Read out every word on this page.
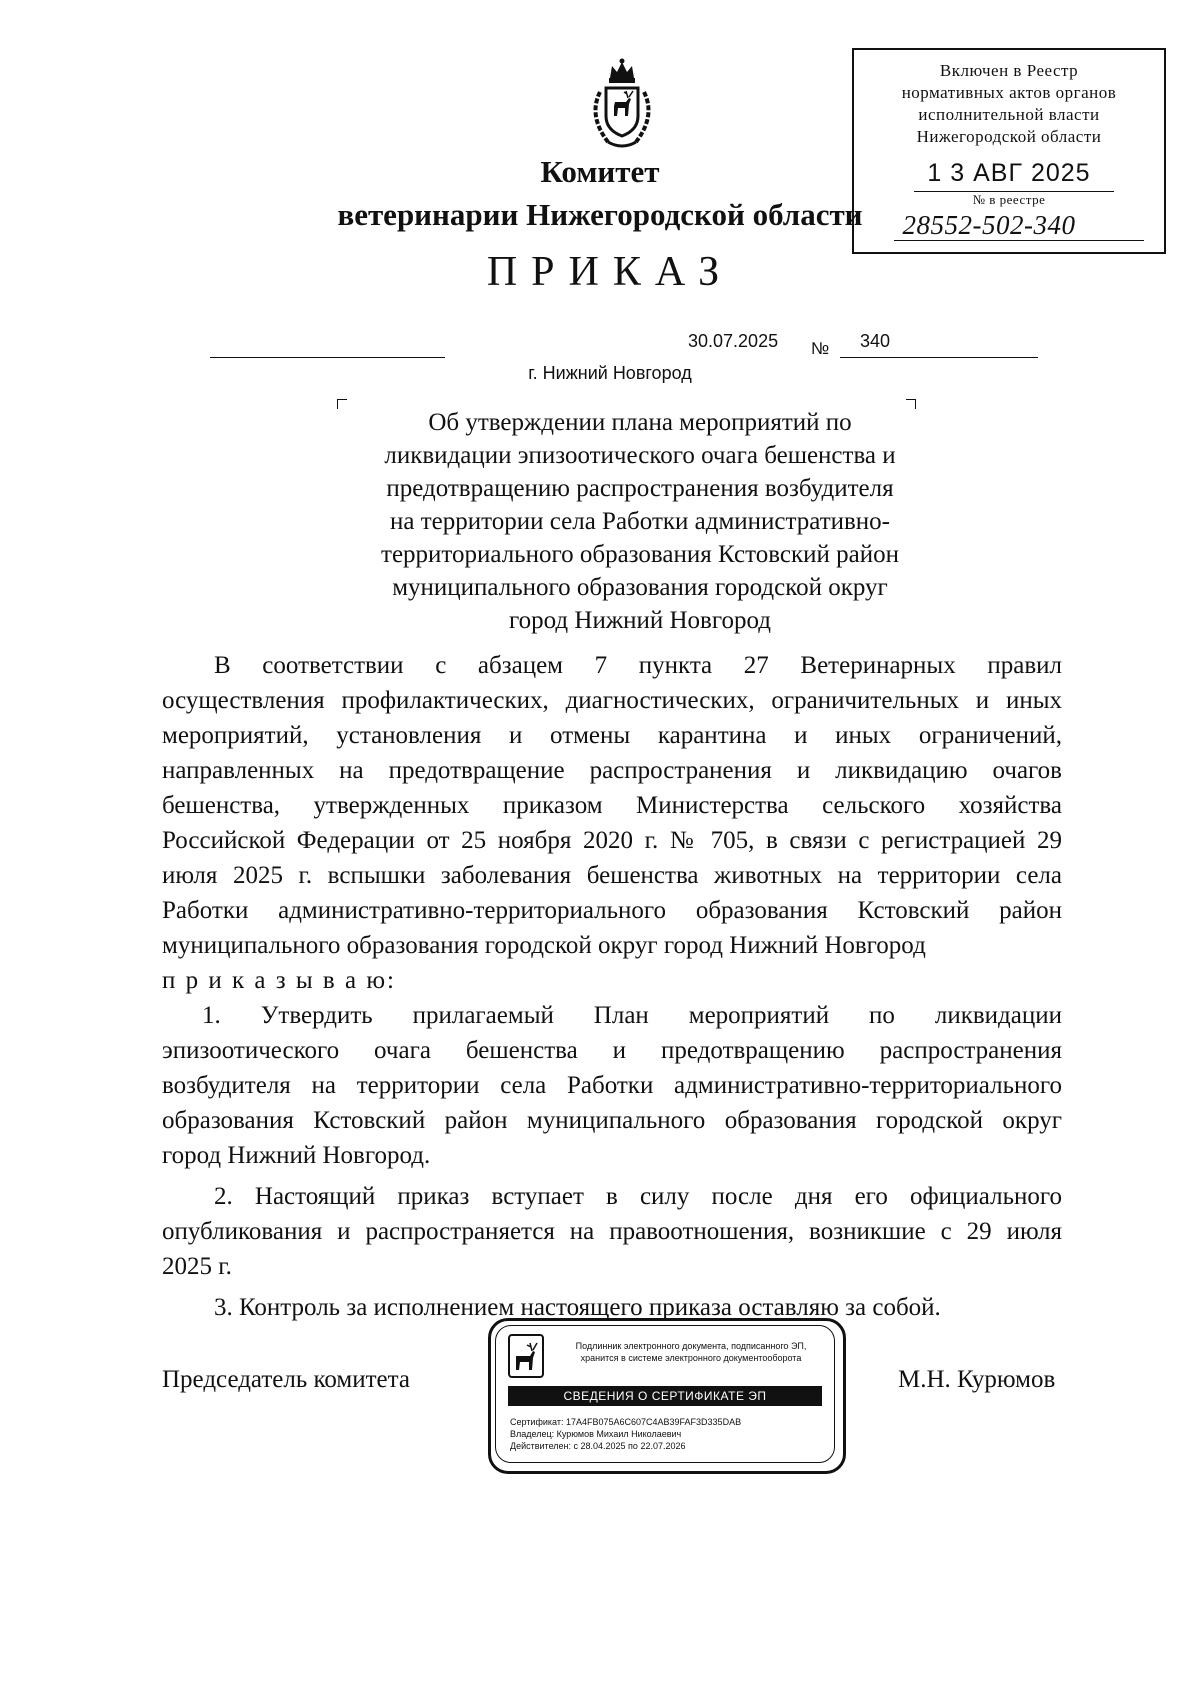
Комитет
ветеринарии Нижегородской области
ПРИКАЗ
Включен в Реестр
нормативных актов органов
исполнительной власти
Нижегородской области
1 3 АВГ 2025
№ в реестре
28552-502-340
30.07.2025 № 340
г. Нижний Новгород
Об утверждении плана мероприятий по
ликвидации эпизоотического очага бешенства и
предотвращению распространения возбудителя
на территории села Работки административно-
территориального образования Кстовский район
муниципального образования городской округ
город Нижний Новгород
В соответствии с абзацем 7 пункта 27 Ветеринарных правил
осуществления профилактических, диагностических, ограничительных и иных
мероприятий, установления и отмены карантина и иных ограничений,
направленных на предотвращение распространения и ликвидацию очагов
бешенства, утвержденных приказом Министерства сельского хозяйства
Российской Федерации от 25 ноября 2020 г. № 705, в связи с регистрацией 29
июля 2025 г. вспышки заболевания бешенства животных на территории села
Работки административно-территориального образования Кстовский район
муниципального образования городской округ город Нижний Новгород
п р и к а з ы в а ю:
1. Утвердить прилагаемый План мероприятий по ликвидации
эпизоотического очага бешенства и предотвращению распространения
возбудителя на территории села Работки административно-территориального
образования Кстовский район муниципального образования городской округ
город Нижний Новгород.
2. Настоящий приказ вступает в силу после дня его официального
опубликования и распространяется на правоотношения, возникшие с 29 июля
2025 г.
3. Контроль за исполнением настоящего приказа оставляю за собой.
Председатель комитета	М.Н. Курюмов
Подлинник электронного документа, подписанного ЭП,
хранится в системе электронного документооборота
СВЕДЕНИЯ О СЕРТИФИКАТЕ ЭП
Сертификат: 17A4FB075A6C607C4AB39FAF3D335DAB
Владелец: Курюмов Михаил Николаевич
Действителен: с 28.04.2025 по 22.07.2026
